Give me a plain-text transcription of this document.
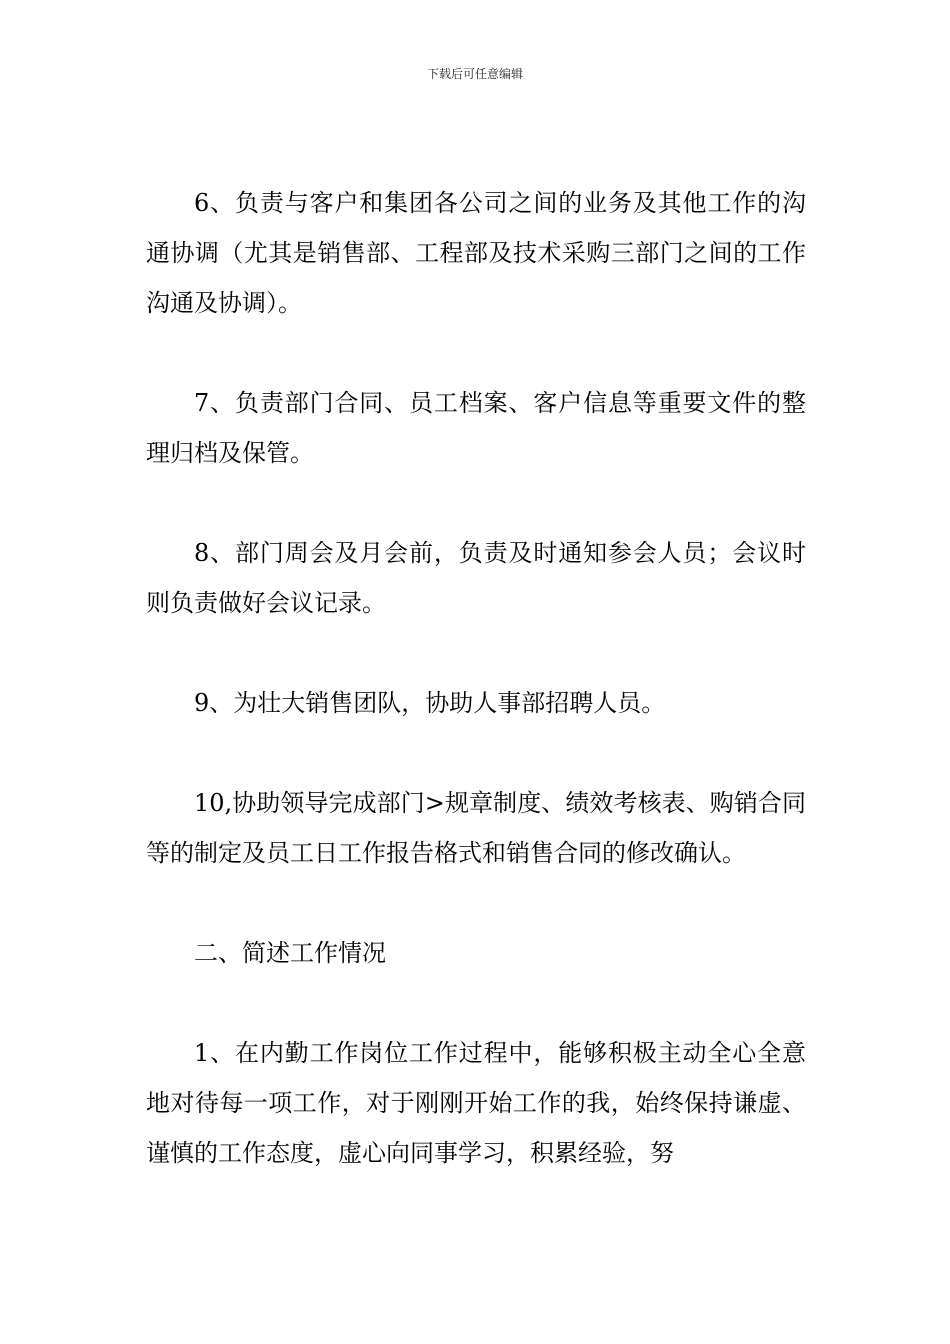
下载后可任意编辑

6、负责与客户和集团各公司之间的业务及其他工作的沟通协调（尤其是销售部、工程部及技术采购三部门之间的工作沟通及协调）。

7、负责部门合同、员工档案、客户信息等重要文件的整理归档及保管。

8、部门周会及月会前，负责及时通知参会人员；会议时则负责做好会议记录。

9、为壮大销售团队，协助人事部招聘人员。

10,协助领导完成部门>规章制度、绩效考核表、购销合同等的制定及员工日工作报告格式和销售合同的修改确认。

二、简述工作情况

1、在内勤工作岗位工作过程中，能够积极主动全心全意地对待每一项工作，对于刚刚开始工作的我，始终保持谦虚、谨慎的工作态度，虚心向同事学习，积累经验，努
